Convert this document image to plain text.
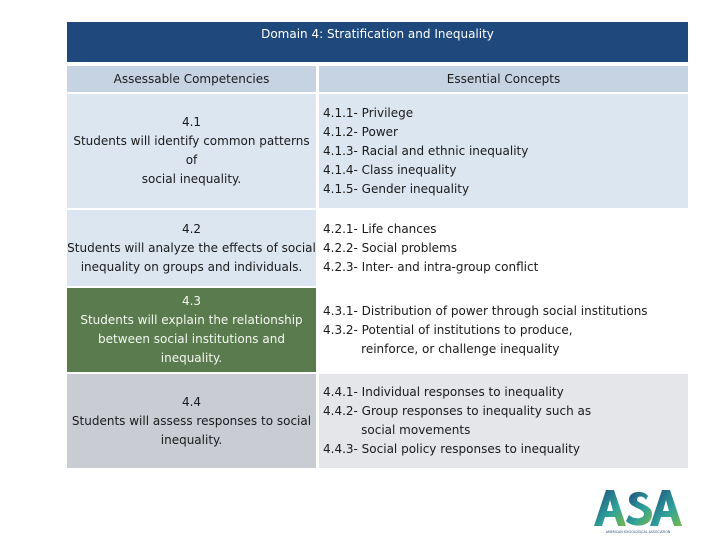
Domain 4: Stratification and Inequality
Assessable Competencies	Essential Concepts
4.1
Students will identify common patterns of
social inequality.
4.1.1- Privilege
4.1.2- Power
4.1.3- Racial and ethnic inequality
4.1.4- Class inequality
4.1.5- Gender inequality
4.2
Students will analyze the effects of social
inequality on groups and individuals.
4.2.1- Life chances
4.2.2- Social problems
4.2.3- Inter- and intra-group conflict
4.3
Students will explain the relationship
between social institutions and inequality.
4.3.1- Distribution of power through social institutions
4.3.2- Potential of institutions to produce,
reinforce, or challenge inequality
4.4
Students will assess responses to social
inequality.
4.4.1- Individual responses to inequality
4.4.2- Group responses to inequality such as
social movements
4.4.3- Social policy responses to inequality
AMERICAN SOCIOLOGICAL ASSOCIATION
